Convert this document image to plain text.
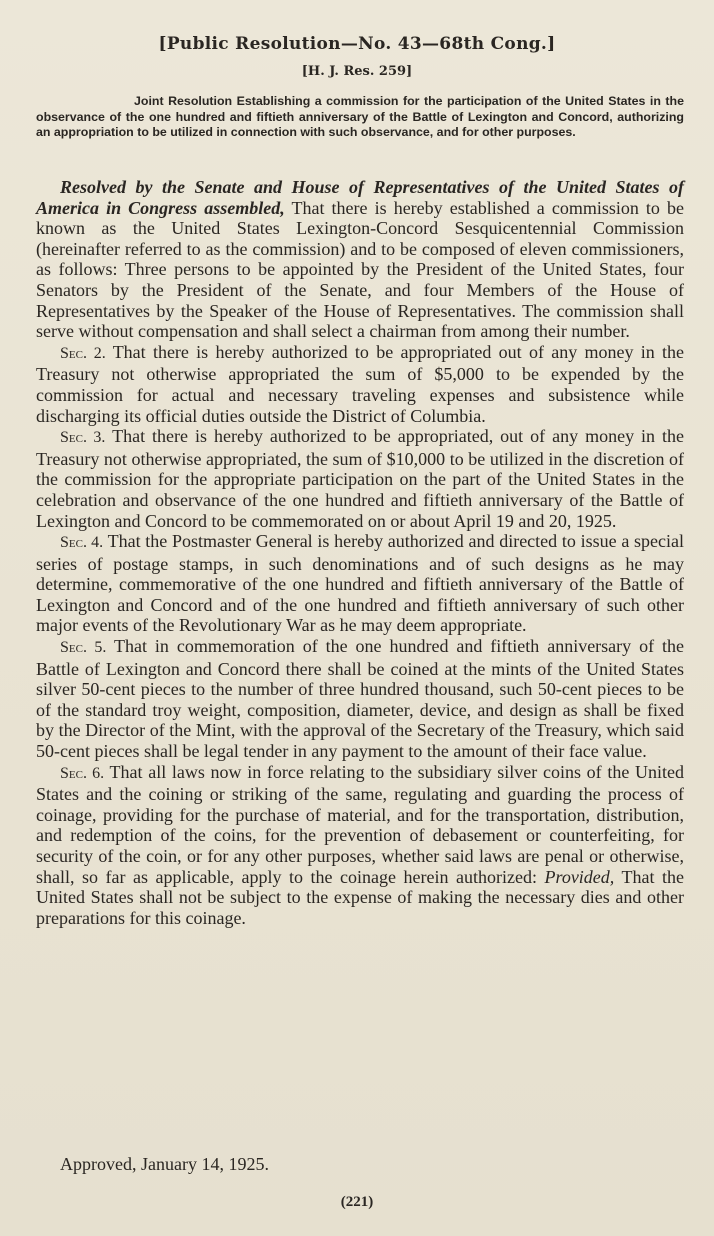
[Public Resolution—No. 43—68th Cong.]
[H. J. Res. 259]
Joint Resolution Establishing a commission for the participation of the United States in the observance of the one hundred and fiftieth anniversary of the Battle of Lexington and Concord, authorizing an appropriation to be utilized in connection with such observance, and for other purposes.

Resolved by the Senate and House of Representatives of the United States of America in Congress assembled, That there is hereby established a commission to be known as the United States Lexington-Concord Sesquicentennial Commission (hereinafter referred to as the commission) and to be composed of eleven commissioners, as follows: Three persons to be appointed by the President of the United States, four Senators by the President of the Senate, and four Members of the House of Representatives by the Speaker of the House of Representatives. The commission shall serve without compensation and shall select a chairman from among their number.

Sec. 2. That there is hereby authorized to be appropriated out of any money in the Treasury not otherwise appropriated the sum of $5,000 to be expended by the commission for actual and necessary traveling expenses and subsistence while discharging its official duties outside the District of Columbia.

Sec. 3. That there is hereby authorized to be appropriated, out of any money in the Treasury not otherwise appropriated, the sum of $10,000 to be utilized in the discretion of the commission for the appropriate participation on the part of the United States in the celebration and observance of the one hundred and fiftieth anniversary of the Battle of Lexington and Concord to be commemorated on or about April 19 and 20, 1925.

Sec. 4. That the Postmaster General is hereby authorized and directed to issue a special series of postage stamps, in such denominations and of such designs as he may determine, commemorative of the one hundred and fiftieth anniversary of the Battle of Lexington and Concord and of the one hundred and fiftieth anniversary of such other major events of the Revolutionary War as he may deem appropriate.

Sec. 5. That in commemoration of the one hundred and fiftieth anniversary of the Battle of Lexington and Concord there shall be coined at the mints of the United States silver 50-cent pieces to the number of three hundred thousand, such 50-cent pieces to be of the standard troy weight, composition, diameter, device, and design as shall be fixed by the Director of the Mint, with the approval of the Secretary of the Treasury, which said 50-cent pieces shall be legal tender in any payment to the amount of their face value.

Sec. 6. That all laws now in force relating to the subsidiary silver coins of the United States and the coining or striking of the same, regulating and guarding the process of coinage, providing for the purchase of material, and for the transportation, distribution, and redemption of the coins, for the prevention of debasement or counterfeiting, for security of the coin, or for any other purposes, whether said laws are penal or otherwise, shall, so far as applicable, apply to the coinage herein authorized: Provided, That the United States shall not be subject to the expense of making the necessary dies and other preparations for this coinage.

Approved, January 14, 1925.
(221)
